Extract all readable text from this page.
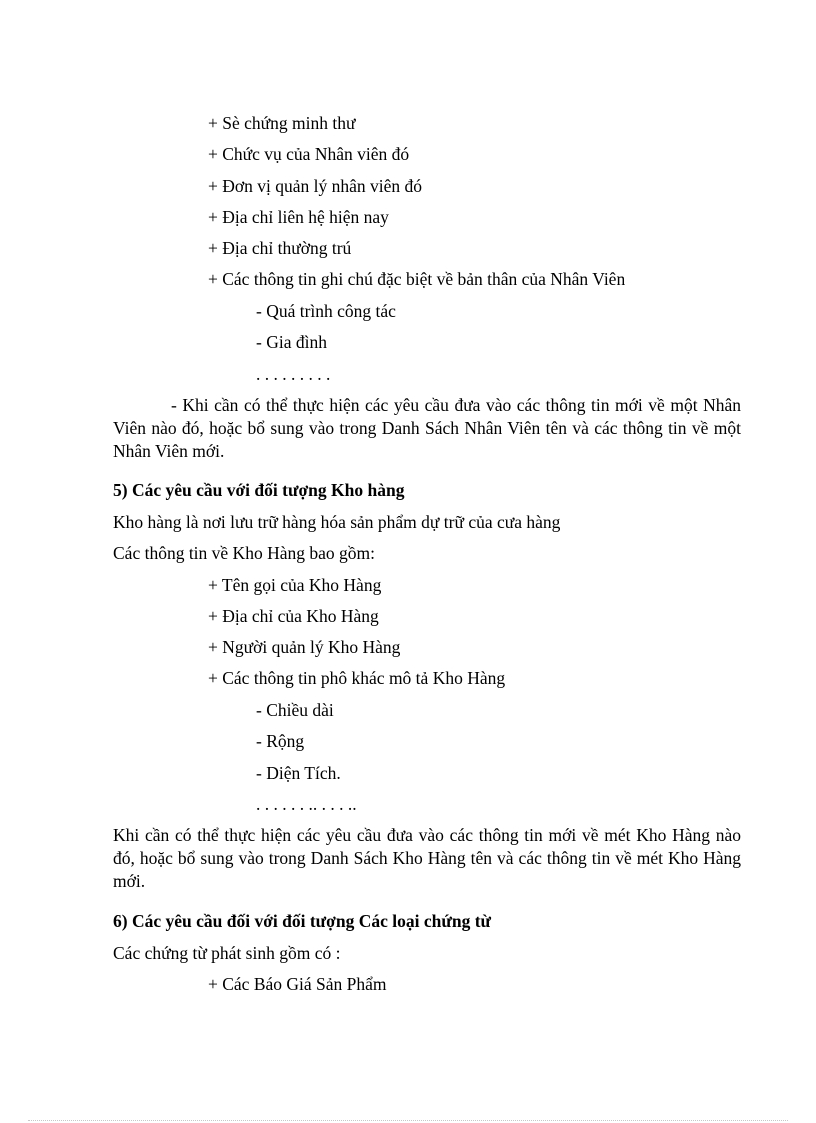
+ Sè chứng minh thư
+ Chức vụ của Nhân viên đó
+ Đơn vị quản lý nhân viên đó
+ Địa chỉ liên hệ hiện nay
+ Địa chỉ thường trú
+ Các thông tin ghi chú đặc biệt về bản thân của Nhân Viên
- Quá trình công tác
- Gia đình
. . . . . . . . .
- Khi cần có thể thực hiện các yêu cầu đưa vào các thông tin mới về một Nhân Viên nào đó, hoặc bổ sung vào trong Danh Sách Nhân Viên tên và các thông tin về một Nhân Viên mới.
5) Các yêu cầu với đối tượng Kho hàng
Kho hàng là nơi lưu trữ hàng hóa sản phẩm dự trữ của cưa hàng
Các thông tin về Kho Hàng bao gồm:
+ Tên gọi của Kho Hàng
+ Địa chỉ của Kho Hàng
+ Người quản lý Kho Hàng
+ Các thông tin phô khác mô tả Kho Hàng
- Chiều dài
- Rộng
- Diện Tích.
. . . . . . .. . . . ..
Khi cần có thể thực hiện các yêu cầu đưa vào các thông tin mới về mét Kho Hàng nào đó, hoặc bổ sung vào trong Danh Sách Kho Hàng tên và các thông tin về mét Kho Hàng mới.
6) Các yêu cầu đối với đối tượng Các loại chứng từ
Các chứng từ phát sinh gồm có :
+ Các Báo Giá Sản Phẩm
